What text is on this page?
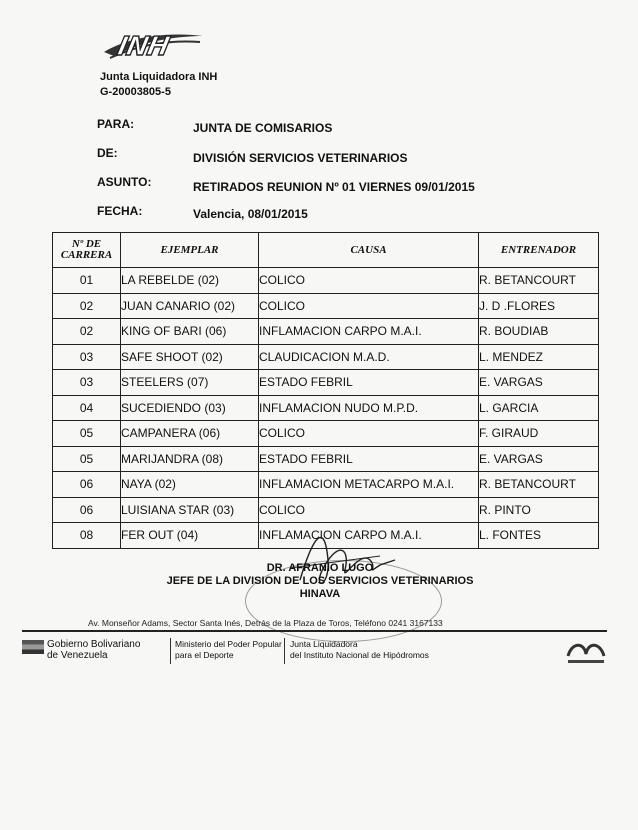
INH
Junta Liquidadora INH
G-20003805-5
PARA:	JUNTA DE COMISARIOS
DE:	DIVISIÓN SERVICIOS VETERINARIOS
ASUNTO:	RETIRADOS REUNION Nº 01 VIERNES 09/01/2015
FECHA:	Valencia, 08/01/2015
Nº DE CARRERA	EJEMPLAR	CAUSA	ENTRENADOR
01	LA REBELDE (02)	COLICO	R. BETANCOURT
02	JUAN CANARIO (02)	COLICO	J. D .FLORES
02	KING OF BARI (06)	INFLAMACION CARPO M.A.I.	R. BOUDIAB
03	SAFE SHOOT (02)	CLAUDICACION M.A.D.	L. MENDEZ
03	STEELERS (07)	ESTADO FEBRIL	E. VARGAS
04	SUCEDIENDO (03)	INFLAMACION NUDO M.P.D.	L. GARCIA
05	CAMPANERA (06)	COLICO	F. GIRAUD
05	MARIJANDRA (08)	ESTADO FEBRIL	E. VARGAS
06	NAYA (02)	INFLAMACION METACARPO M.A.I.	R. BETANCOURT
06	LUISIANA STAR (03)	COLICO	R. PINTO
08	FER OUT (04)	INFLAMACION CARPO M.A.I.	L. FONTES
DR. AFRANIO LUGO
JEFE DE LA DIVISION DE LOS SERVICIOS VETERINARIOS
HINAVA
Av. Monseñor Adams, Sector Santa Inés, Detrás de la Plaza de Toros, Teléfono 0241 3167133
Gobierno Bolivariano
de Venezuela
Ministerio del Poder Popular
para el Deporte
Junta Liquidadora
del Instituto Nacional de Hipódromos
